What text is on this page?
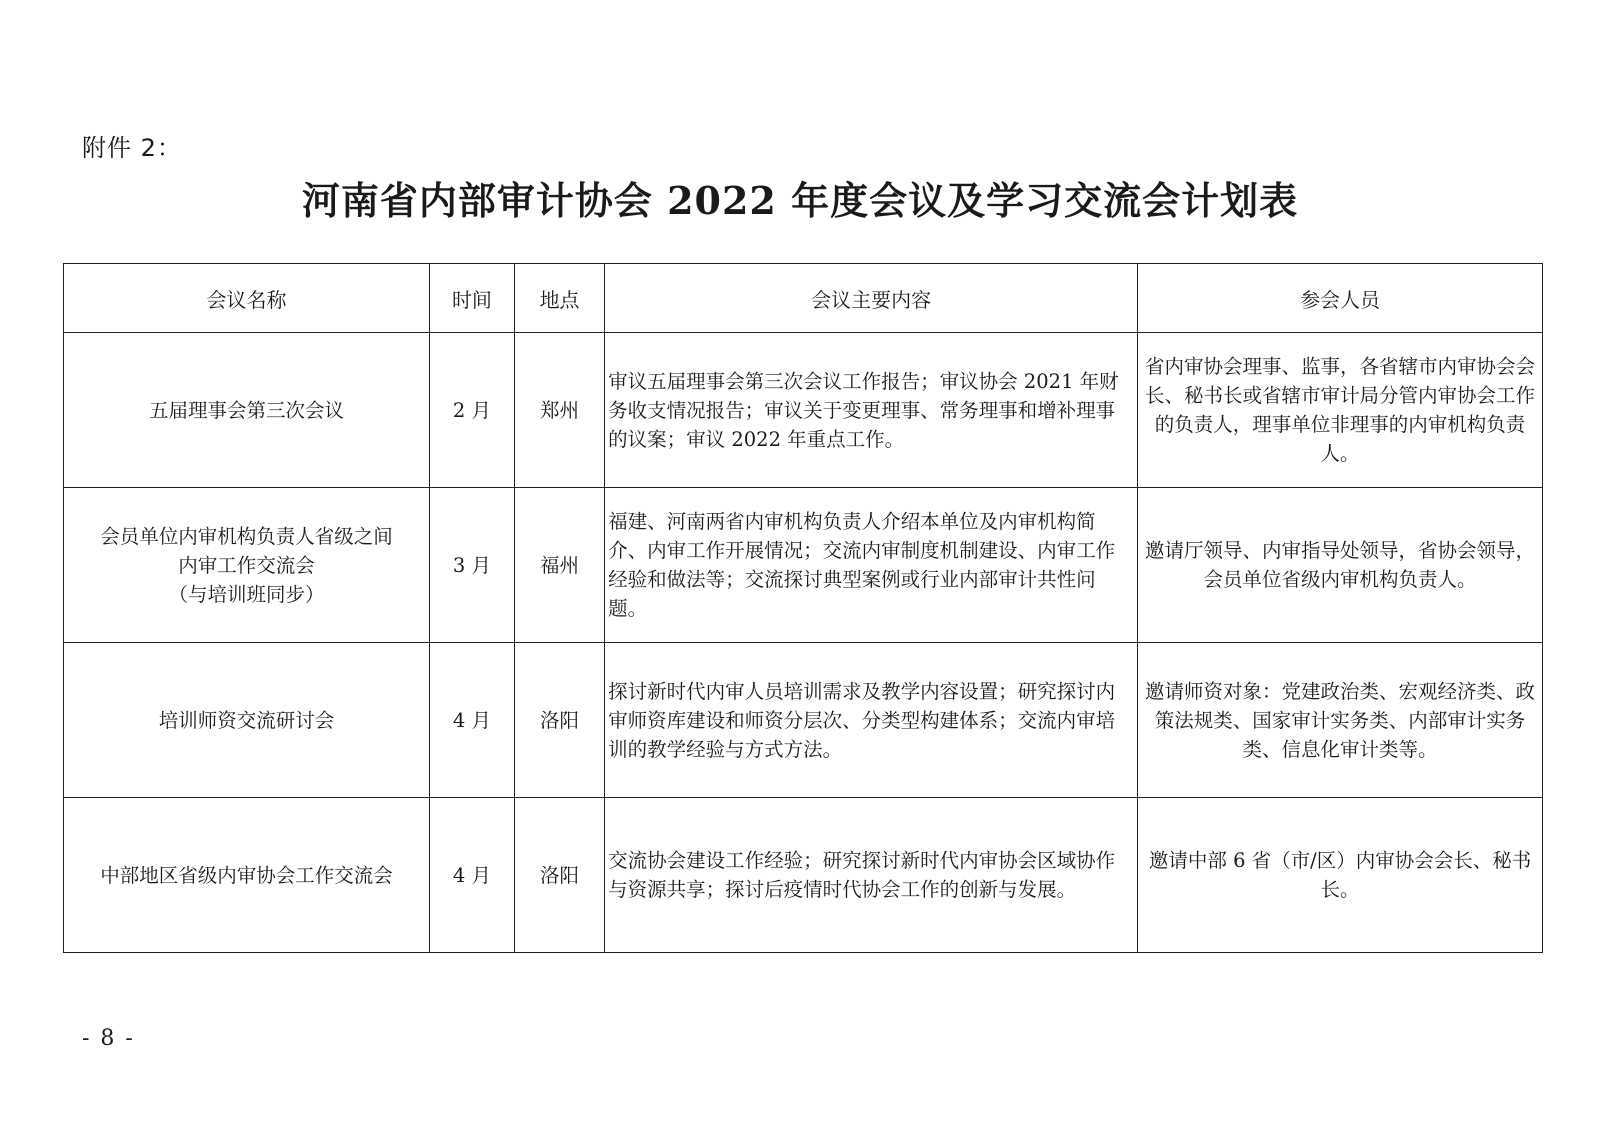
附件 2：
河南省内部审计协会 2022 年度会议及学习交流会计划表
会议名称	时间	地点	会议主要内容	参会人员

五届理事会第三次会议	2 月	郑州	审议五届理事会第三次会议工作报告；审议协会 2021 年财务收支情况报告；审议关于变更理事、常务理事和增补理事的议案；审议 2022 年重点工作。	省内审协会理事、监事，各省辖市内审协会会长、秘书长或省辖市审计局分管内审协会工作的负责人，理事单位非理事的内审机构负责人。

会员单位内审机构负责人省级之间
内审工作交流会
（与培训班同步）	3 月	福州	福建、河南两省内审机构负责人介绍本单位及内审机构简介、内审工作开展情况；交流内审制度机制建设、内审工作经验和做法等；交流探讨典型案例或行业内部审计共性问题。	邀请厅领导、内审指导处领导，省协会领导，会员单位省级内审机构负责人。

培训师资交流研讨会	4 月	洛阳	探讨新时代内审人员培训需求及教学内容设置；研究探讨内审师资库建设和师资分层次、分类型构建体系；交流内审培训的教学经验与方式方法。	邀请师资对象：党建政治类、宏观经济类、政策法规类、国家审计实务类、内部审计实务类、信息化审计类等。

中部地区省级内审协会工作交流会	4 月	洛阳	交流协会建设工作经验；研究探讨新时代内审协会区域协作与资源共享；探讨后疫情时代协会工作的创新与发展。	邀请中部 6 省（市/区）内审协会会长、秘书长。
- 8 -
